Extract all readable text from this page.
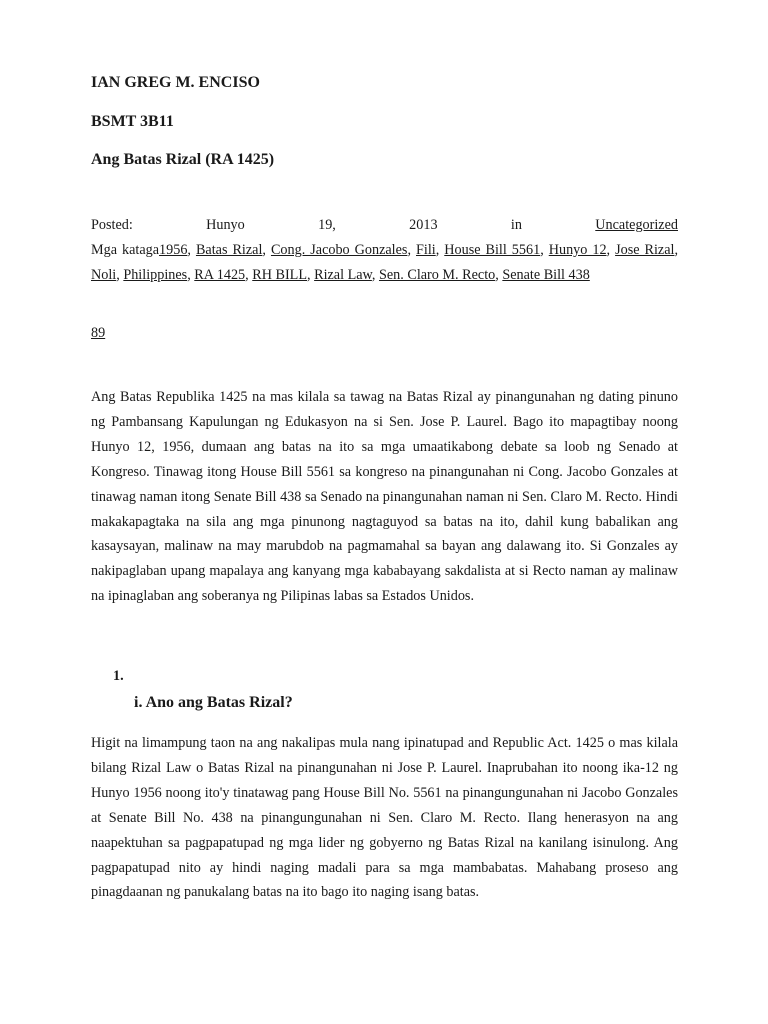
IAN GREG M. ENCISO
BSMT 3B11
Ang Batas Rizal (RA 1425)
Posted:	Hunyo	19,	2013	in	Uncategorized
Mga kataga1956, Batas Rizal, Cong. Jacobo Gonzales, Fili, House Bill 5561, Hunyo 12, Jose Rizal, Noli, Philippines, RA 1425, RH BILL, Rizal Law, Sen. Claro M. Recto, Senate Bill 438
89
Ang Batas Republika 1425 na mas kilala sa tawag na Batas Rizal ay pinangunahan ng dating pinuno ng Pambansang Kapulungan ng Edukasyon na si Sen. Jose P. Laurel. Bago ito mapagtibay noong Hunyo 12, 1956, dumaan ang batas na ito sa mga umaatikabong debate sa loob ng Senado at Kongreso. Tinawag itong House Bill 5561 sa kongreso na pinangunahan ni Cong. Jacobo Gonzales at tinawag naman itong Senate Bill 438 sa Senado na pinangunahan naman ni Sen. Claro M. Recto. Hindi makakapagtaka na sila ang mga pinunong nagtaguyod sa batas na ito, dahil kung babalikan ang kasaysayan, malinaw na may marubdob na pagmamahal sa bayan ang dalawang ito. Si Gonzales ay nakipaglaban upang mapalaya ang kanyang mga kababayang sakdalista at si Recto naman ay malinaw na ipinaglaban ang soberanya ng Pilipinas labas sa Estados Unidos.
1.
i. Ano ang Batas Rizal?
Higit na limampung taon na ang nakalipas mula nang ipinatupad and Republic Act. 1425 o mas kilala bilang Rizal Law o Batas Rizal na pinangunahan ni Jose P. Laurel. Inaprubahan ito noong ika-12 ng Hunyo 1956 noong ito'y tinatawag pang House Bill No. 5561 na pinangungunahan ni Jacobo Gonzales at Senate Bill No. 438 na pinangungunahan ni Sen. Claro M. Recto. Ilang henerasyon na ang naapektuhan sa pagpapatupad ng mga lider ng gobyerno ng Batas Rizal na kanilang isinulong. Ang pagpapatupad nito ay hindi naging madali para sa mga mambabatas. Mahabang proseso ang pinagdaanan ng panukalang batas na ito bago ito naging isang batas.
